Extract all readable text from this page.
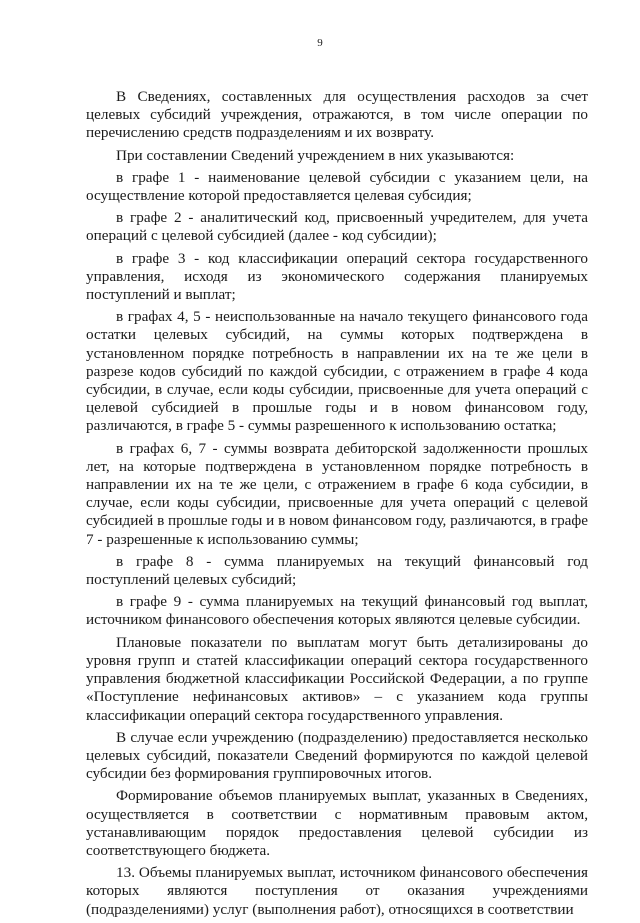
9

В Сведениях, составленных для осуществления расходов за счет целевых субсидий учреждения, отражаются, в том числе операции по перечислению средств подразделениям и их возврату.

При составлении Сведений учреждением в них указываются:

в графе 1 - наименование целевой субсидии с указанием цели, на осуществление которой предоставляется целевая субсидия;

в графе 2 - аналитический код, присвоенный учредителем, для учета операций с целевой субсидией (далее - код субсидии);

в графе 3 - код классификации операций сектора государственного управления, исходя из экономического содержания планируемых поступлений и выплат;

в графах 4, 5 - неиспользованные на начало текущего финансового года остатки целевых субсидий, на суммы которых подтверждена в установленном порядке потребность в направлении их на те же цели в разрезе кодов субсидий по каждой субсидии, с отражением в графе 4 кода субсидии, в случае, если коды субсидии, присвоенные для учета операций с целевой субсидией в прошлые годы и в новом финансовом году, различаются, в графе 5 - суммы разрешенного к использованию остатка;

в графах 6, 7 - суммы возврата дебиторской задолженности прошлых лет, на которые подтверждена в установленном порядке потребность в направлении их на те же цели, с отражением в графе 6 кода субсидии, в случае, если коды субсидии, присвоенные для учета операций с целевой субсидией в прошлые годы и в новом финансовом году, различаются, в графе 7 - разрешенные к использованию суммы;

в графе 8 - сумма планируемых на текущий финансовый год поступлений целевых субсидий;

в графе 9 - сумма планируемых на текущий финансовый год выплат, источником финансового обеспечения которых являются целевые субсидии.

Плановые показатели по выплатам могут быть детализированы до уровня групп и статей классификации операций сектора государственного управления бюджетной классификации Российской Федерации, а по группе «Поступление нефинансовых активов» – с указанием кода группы классификации операций сектора государственного управления.

В случае если учреждению (подразделению) предоставляется несколько целевых субсидий, показатели Сведений формируются по каждой целевой субсидии без формирования группировочных итогов.

Формирование объемов планируемых выплат, указанных в Сведениях, осуществляется в соответствии с нормативным правовым актом, устанавливающим порядок предоставления целевой субсидии из соответствующего бюджета.

13. Объемы планируемых выплат, источником финансового обеспечения которых являются поступления от оказания учреждениями (подразделениями) услуг (выполнения работ), относящихся в соответствии
